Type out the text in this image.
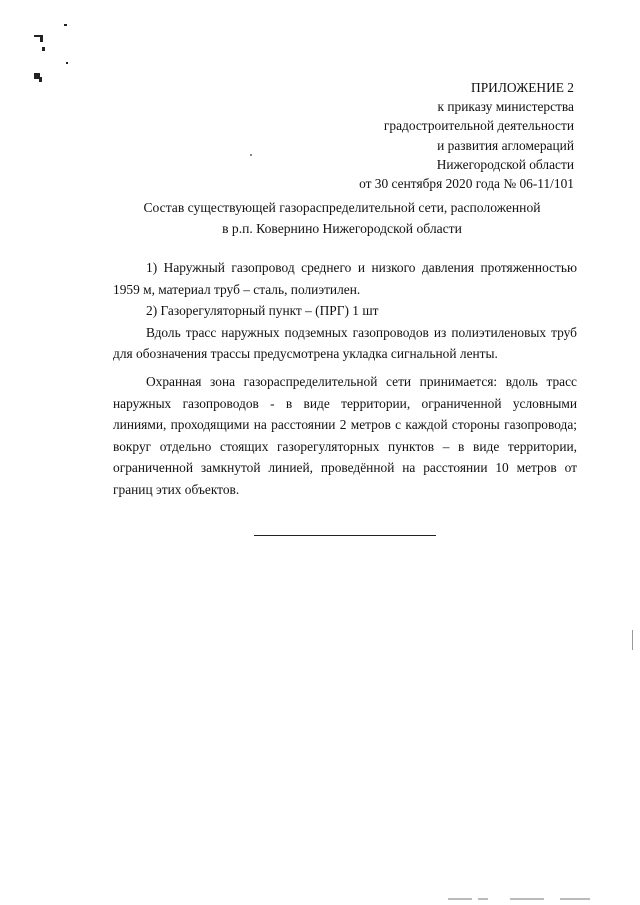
ПРИЛОЖЕНИЕ 2
к приказу министерства
градостроительной деятельности
и развития агломераций
Нижегородской области
от 30 сентября 2020 года № 06-11/101
Состав существующей газораспределительной сети, расположенной
в р.п. Ковернино Нижегородской области

1) Наружный газопровод среднего и низкого давления протяженностью 1959 м, материал труб – сталь, полиэтилен.

2) Газорегуляторный пункт – (ПРГ) 1 шт

Вдоль трасс наружных подземных газопроводов из полиэтиленовых труб для обозначения трассы предусмотрена укладка сигнальной ленты.

Охранная зона газораспределительной сети принимается: вдоль трасс наружных газопроводов - в виде территории, ограниченной условными линиями, проходящими на расстоянии 2 метров с каждой стороны газопровода; вокруг отдельно стоящих газорегуляторных пунктов – в виде территории, ограниченной замкнутой линией, проведённой на расстоянии 10 метров от границ этих объектов.
